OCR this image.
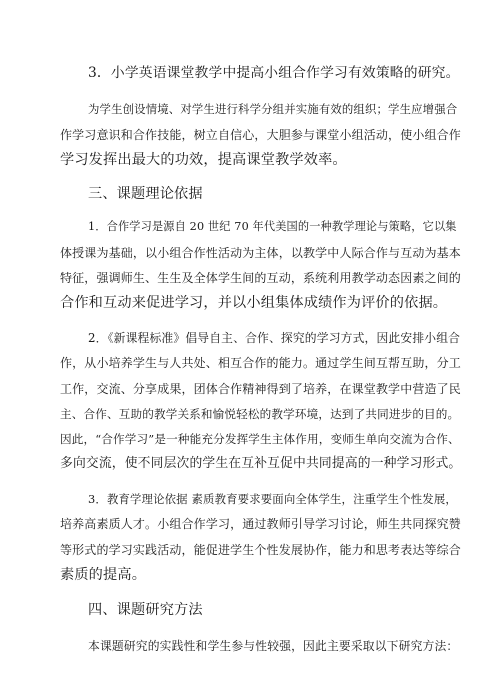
3．小学英语课堂教学中提高小组合作学习有效策略的研究。
为学生创设情境、对学生进行科学分组并实施有效的组织；学生应增强合
作学习意识和合作技能，树立自信心，大胆参与课堂小组活动，使小组合作
学习发挥出最大的功效，提高课堂教学效率。
三、课题理论依据
1．合作学习是源自 20 世纪 70 年代美国的一种教学理论与策略，它以集
体授课为基础，以小组合作性活动为主体，以教学中人际合作与互动为基本
特征，强调师生、生生及全体学生间的互动，系统利用教学动态因素之间的
合作和互动来促进学习，并以小组集体成绩作为评价的依据。
2．《新课程标准》倡导自主、合作、探究的学习方式，因此安排小组合
作，从小培养学生与人共处、相互合作的能力。通过学生间互帮互助，分工
工作，交流、分享成果，团体合作精神得到了培养，在课堂教学中营造了民
主、合作、互助的教学关系和愉悦轻松的教学环境，达到了共同进步的目的。
因此，“合作学习”是一种能充分发挥学生主体作用，变师生单向交流为合作、
多向交流，使不同层次的学生在互补互促中共同提高的一种学习形式。
3．教育学理论依据 素质教育要求要面向全体学生，注重学生个性发展，
培养高素质人才。小组合作学习，通过教师引导学习讨论，师生共同探究赞
等形式的学习实践活动，能促进学生个性发展协作，能力和思考表达等综合
素质的提高。
四、课题研究方法
本课题研究的实践性和学生参与性较强，因此主要采取以下研究方法：
